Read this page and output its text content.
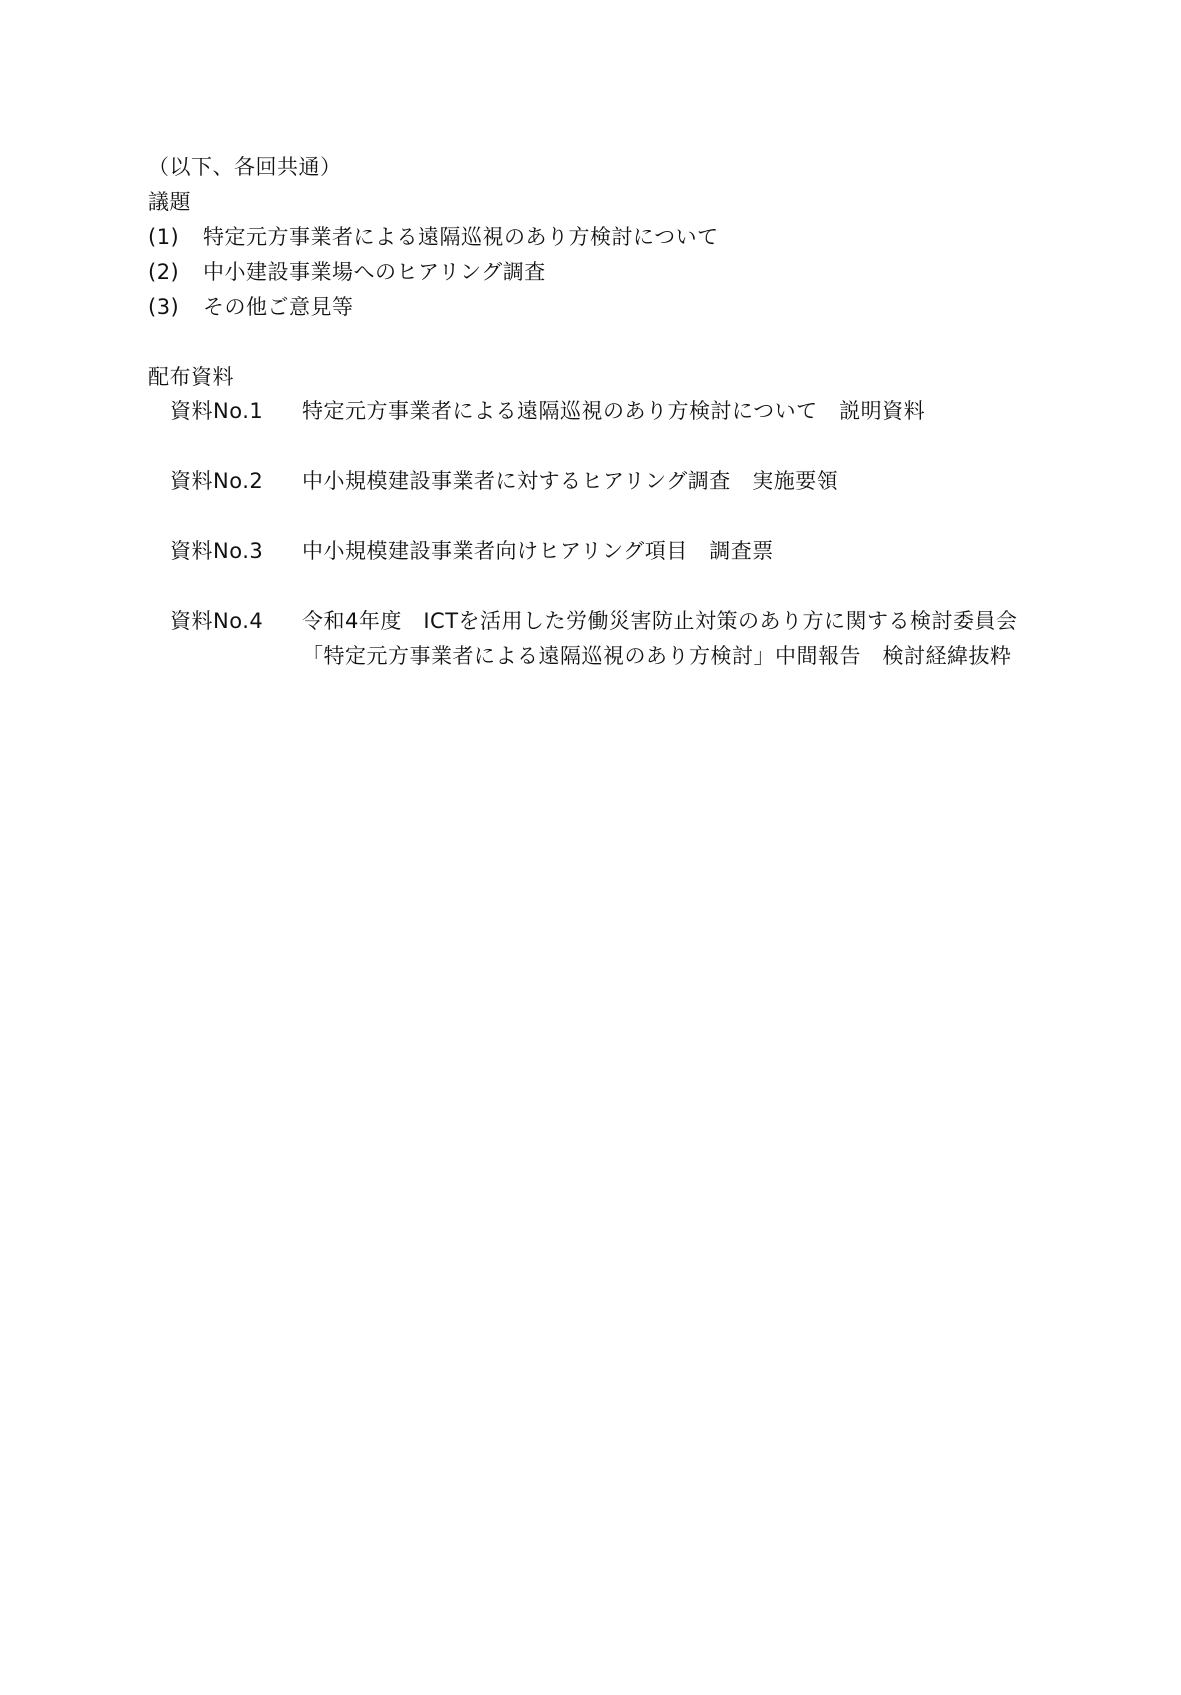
（以下、各回共通）
議題
(1) 特定元方事業者による遠隔巡視のあり方検討について
(2) 中小建設事業場へのヒアリング調査
(3) その他ご意見等
配布資料
資料No.1 特定元方事業者による遠隔巡視のあり方検討について　説明資料
資料No.2 中小規模建設事業者に対するヒアリング調査　実施要領
資料No.3 中小規模建設事業者向けヒアリング項目　調査票
資料No.4 令和4年度　ICTを活用した労働災害防止対策のあり方に関する検討委員会
「特定元方事業者による遠隔巡視のあり方検討」中間報告　検討経緯抜粋
